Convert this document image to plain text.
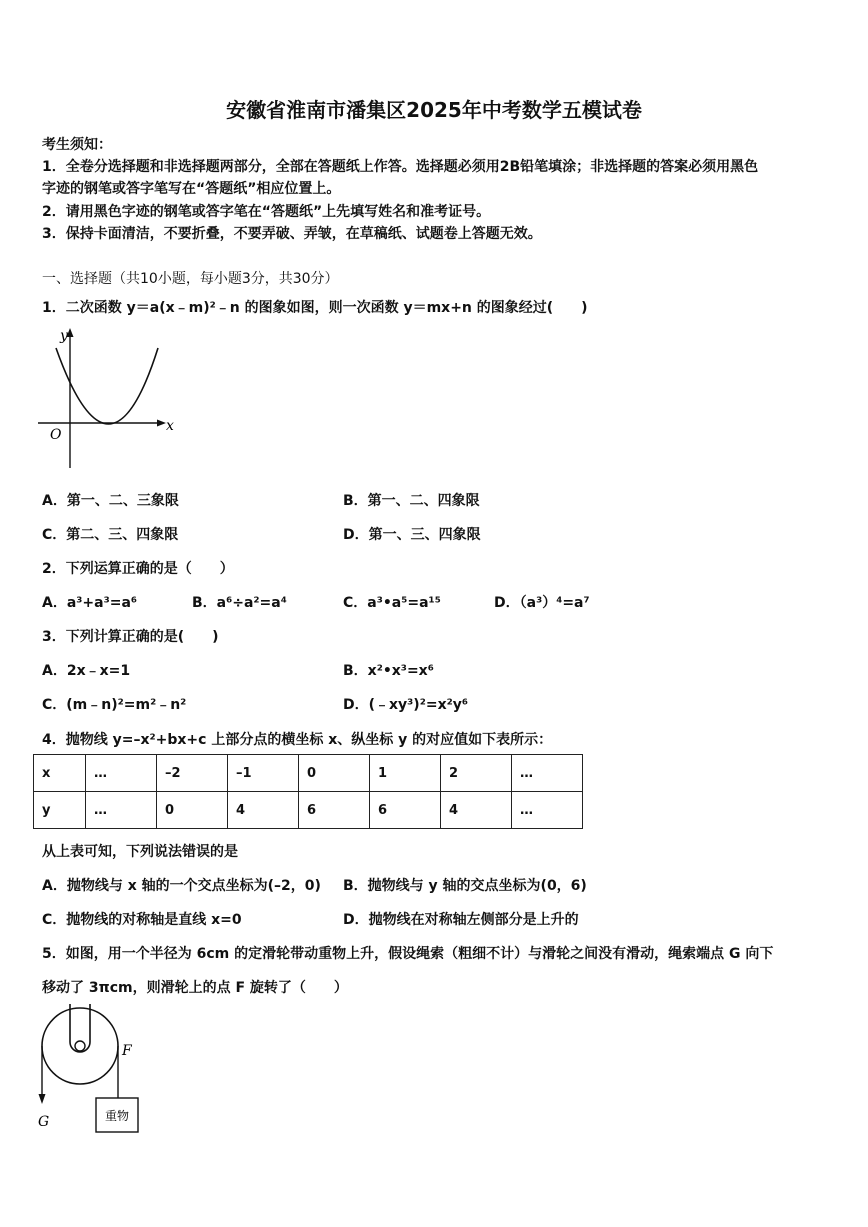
安徽省淮南市潘集区2025年中考数学五模试卷
考生须知：
1．全卷分选择题和非选择题两部分，全部在答题纸上作答。选择题必须用2B铅笔填涂；非选择题的答案必须用黑色
字迹的钢笔或答字笔写在“答题纸”相应位置上。
2．请用黑色字迹的钢笔或答字笔在“答题纸”上先填写姓名和准考证号。
3．保持卡面清洁，不要折叠，不要弄破、弄皱，在草稿纸、试题卷上答题无效。
一、选择题（共10小题，每小题3分，共30分）
1．二次函数 y＝a(x﹣m)²﹣n 的图象如图，则一次函数 y＝mx+n 的图象经过(　　)
y
x
O
A．第一、二、三象限	B．第一、二、四象限
C．第二、三、四象限	D．第一、三、四象限
2．下列运算正确的是（　　）
A．a³+a³=a⁶	B．a⁶÷a²=a⁴	C．a³•a⁵=a¹⁵	D．（a³）⁴=a⁷
3．下列计算正确的是(　　)
A．2x﹣x=1	B．x²•x³=x⁶
C．(m﹣n)²=m²﹣n²	D．(﹣xy³)²=x²y⁶
4．抛物线 y=–x²+bx+c 上部分点的横坐标 x、纵坐标 y 的对应值如下表所示：
x	…	–2	–1	0	1	2	…
y	…	0	4	6	6	4	…
从上表可知，下列说法错误的是
A．抛物线与 x 轴的一个交点坐标为(–2，0) B．抛物线与 y 轴的交点坐标为(0，6)
C．抛物线的对称轴是直线 x=0	D．抛物线在对称轴左侧部分是上升的
5．如图，用一个半径为 6cm 的定滑轮带动重物上升，假设绳索（粗细不计）与滑轮之间没有滑动，绳索端点 G 向下
移动了 3πcm，则滑轮上的点 F 旋转了（　　）
重物
F
G
